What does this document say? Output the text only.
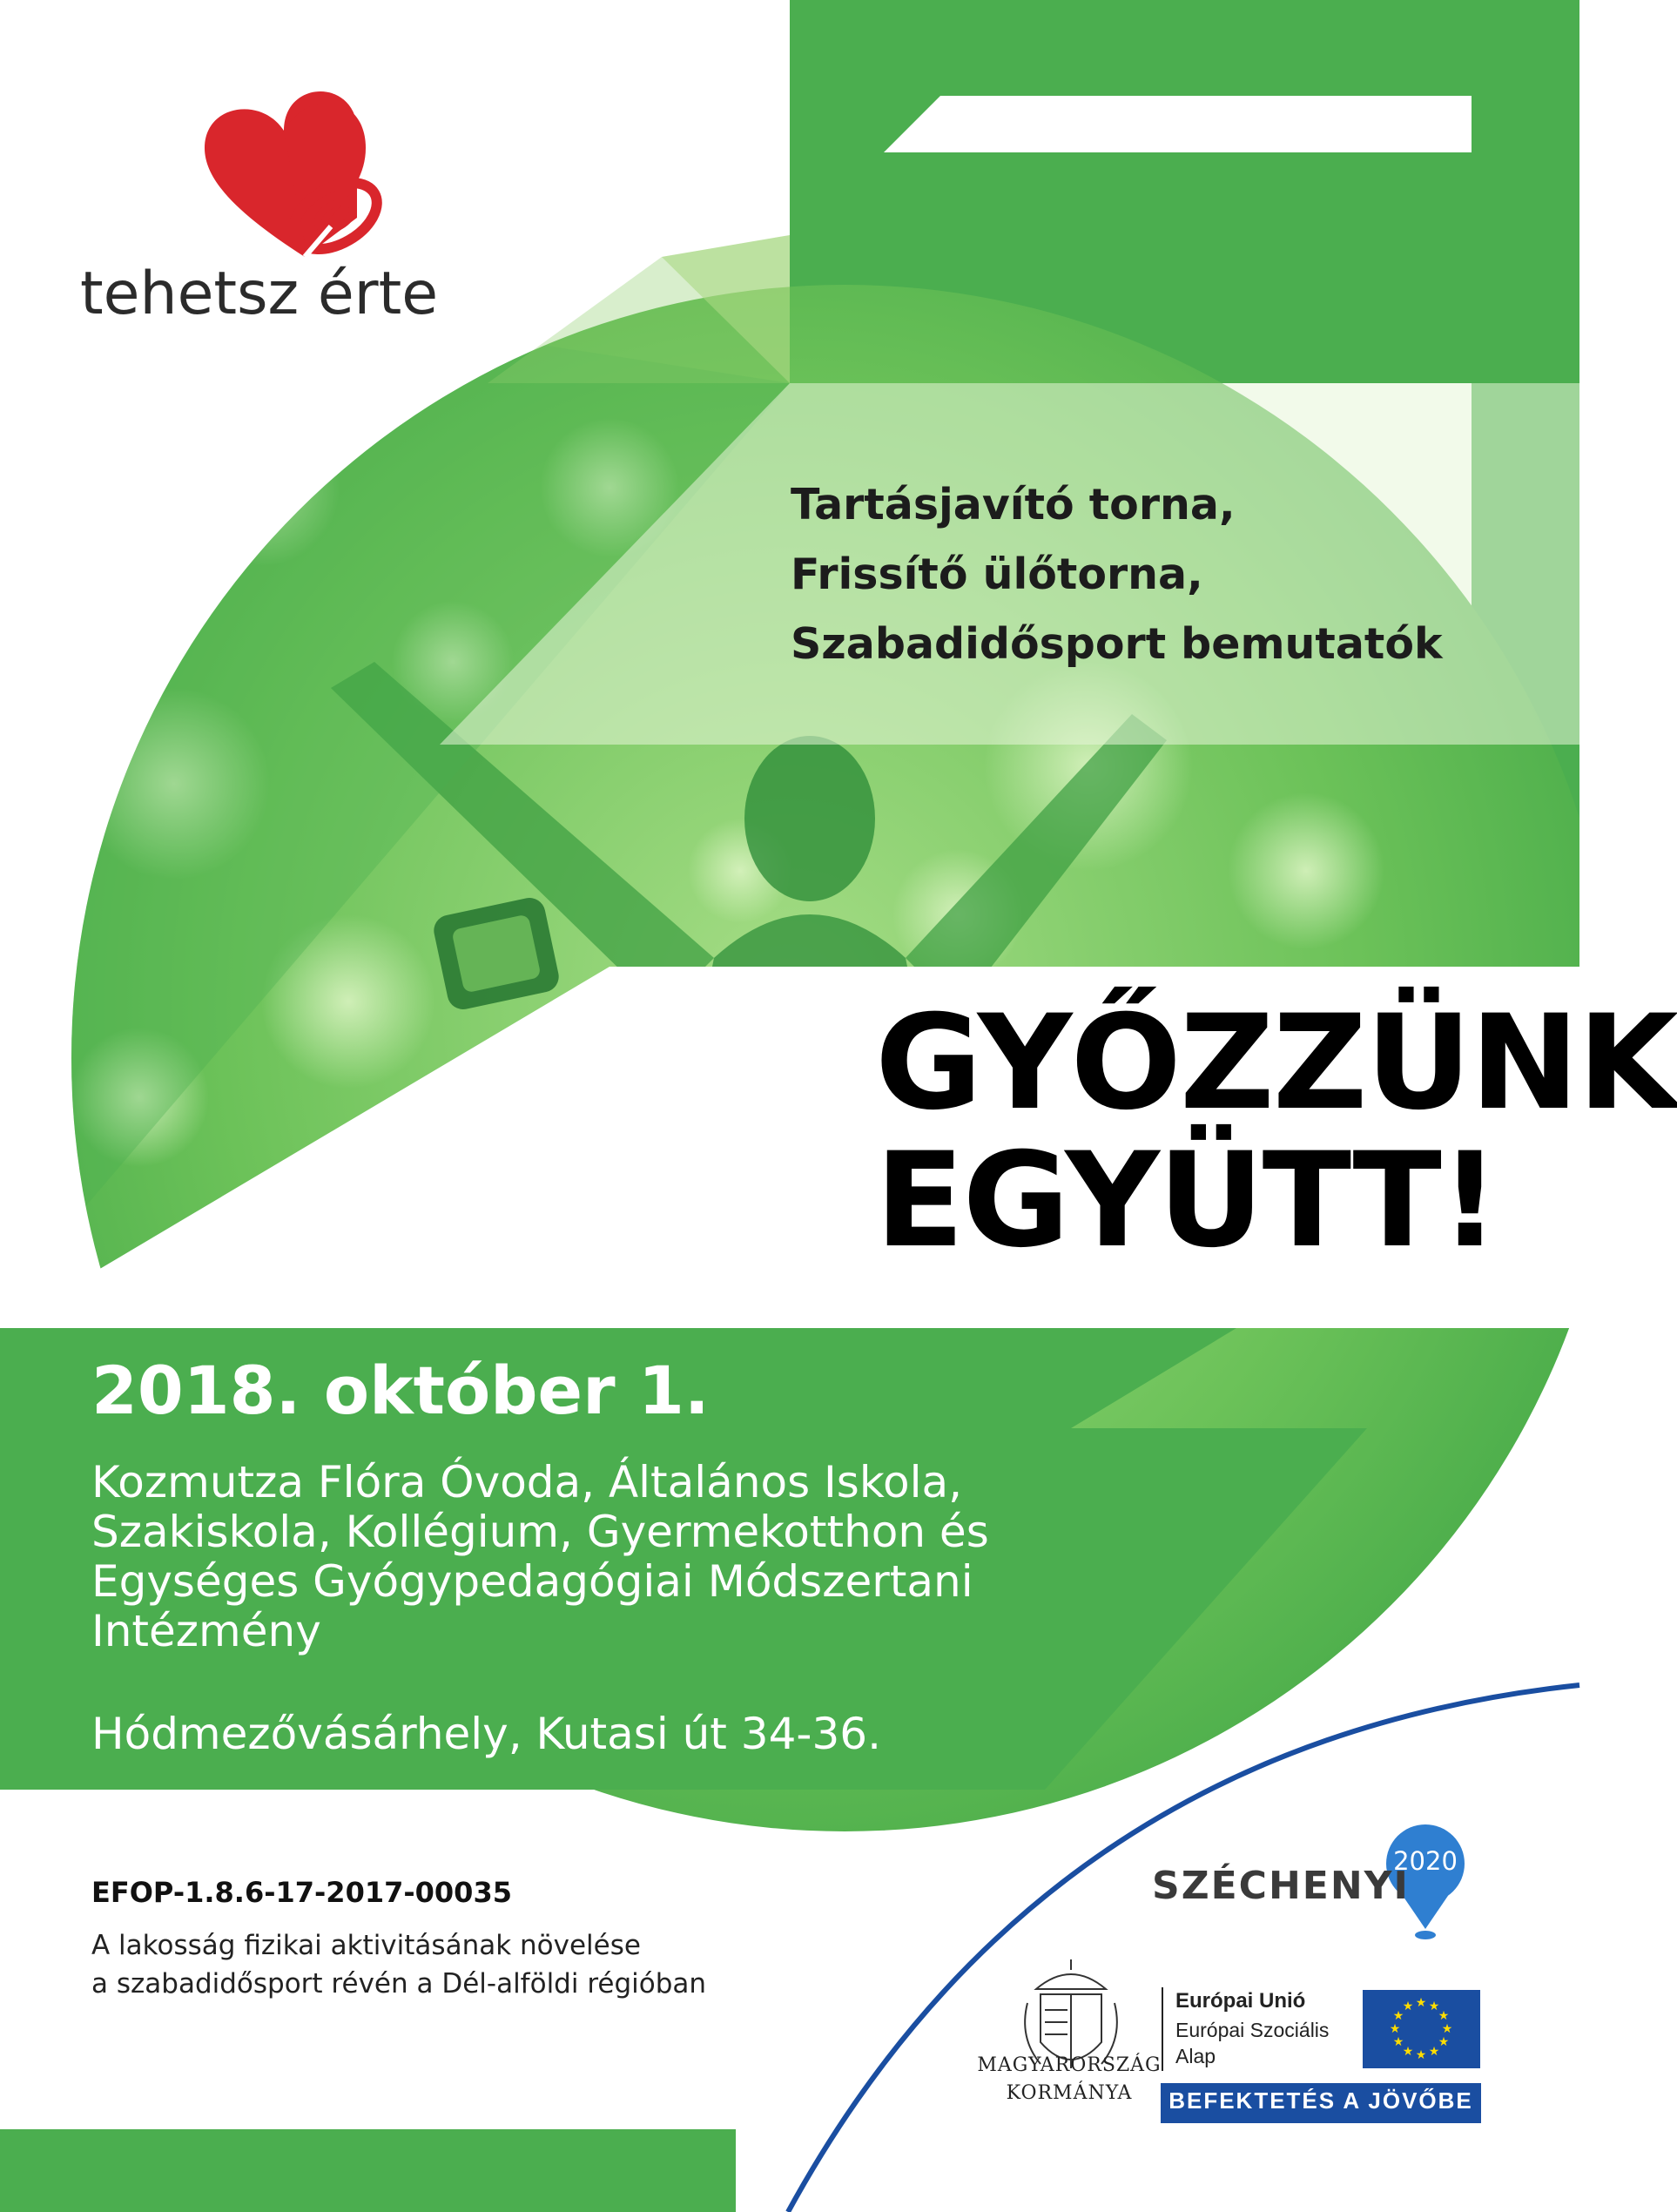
★ ★
★
★
★
★
★
★
★
★
★
★
tehetsz érte
Tartásjavító torna,
Frissítő ülőtorna,
Szabadidősport bemutatók
GYŐZZÜNK
EGYÜTT!
2018. október 1.
Kozmutza Flóra Óvoda, Általános Iskola,
Szakiskola, Kollégium, Gyermekotthon és
Egységes Gyógypedagógiai Módszertani
Intézmény
Hódmezővásárhely, Kutasi út 34-36.
EFOP-1.8.6-17-2017-00035
A lakosság fizikai aktivitásának növelése
a szabadidősport révén a Dél-alföldi régióban
SZÉCHENYI
2020
MAGYARORSZÁG
KORMÁNYA
Európai Unió
Európai Szociális
Alap
BEFEKTETÉS A JÖVŐBE
